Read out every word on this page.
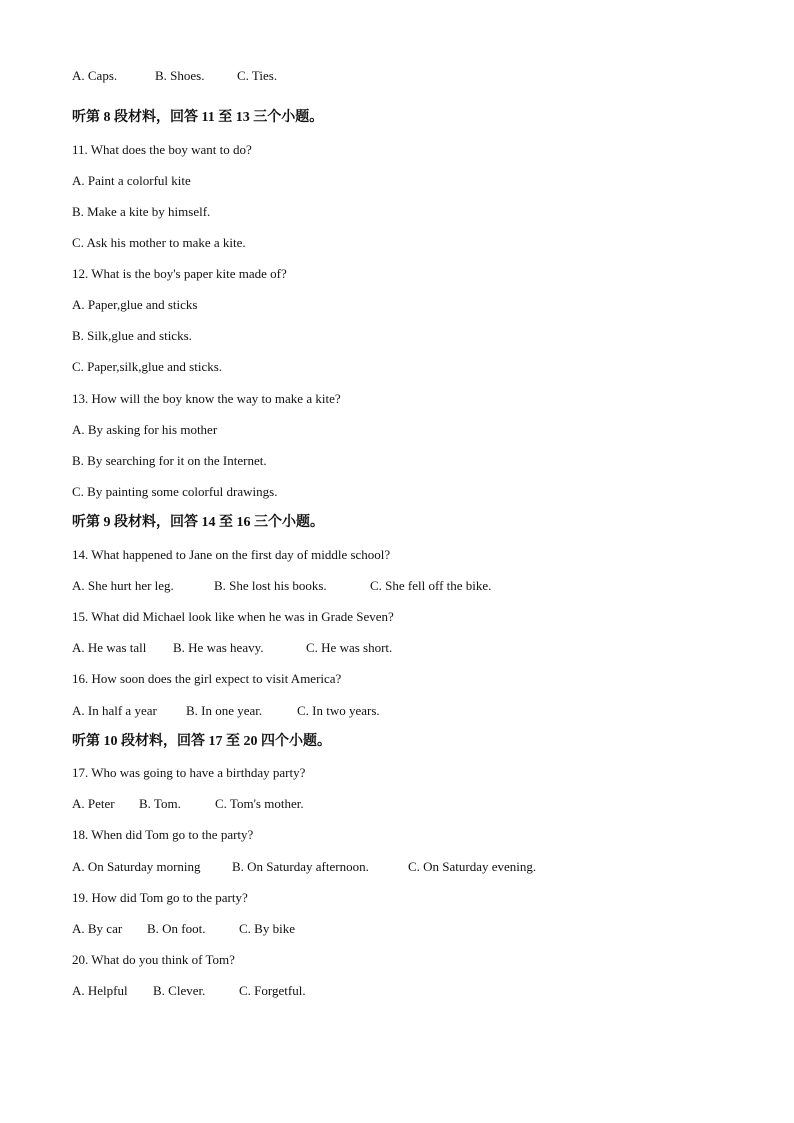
A. Caps.	B. Shoes.	C. Ties.
听第 8 段材料，回答 11 至 13 三个小题。
11. What does the boy want to do?
A. Paint a colorful kite
B. Make a kite by himself.
C. Ask his mother to make a kite.
12. What is the boy's paper kite made of?
A. Paper,glue and sticks
B. Silk,glue and sticks.
C. Paper,silk,glue and sticks.
13. How will the boy know the way to make a kite?
A. By asking for his mother
B. By searching for it on the Internet.
C. By painting some colorful drawings.
听第 9 段材料，回答 14 至 16 三个小题。
14. What happened to Jane on the first day of middle school?
A. She hurt her leg.	B. She lost his books.	C. She fell off the bike.
15. What did Michael look like when he was in Grade Seven?
A. He was tall B. He was heavy.	C. He was short.
16. How soon does the girl expect to visit America?
A. In half a year B. In one year.	C. In two years.
听第 10 段材料，回答 17 至 20 四个小题。
17. Who was going to have a birthday party?
A. Peter B. Tom.	C. Tom's mother.
18. When did Tom go to the party?
A. On Saturday morning B. On Saturday afternoon.	C. On Saturday evening.
19. How did Tom go to the party?
A. By car B. On foot.	C. By bike
20. What do you think of Tom?
A. Helpful B. Clever.	C. Forgetful.
